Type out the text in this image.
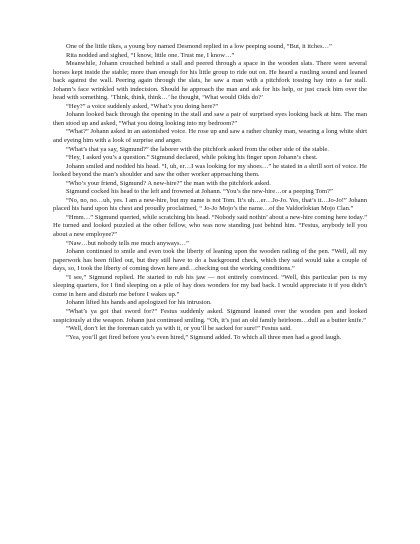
One of the little tikes, a young boy named Desmond replied in a low peeping sound, “But, it itches…”

Rita nodded and sighed, “I know, little one. Trust me, I know…”

Meanwhile, Johann crouched behind a stall and peered through a space in the wooden slats. There were several horses kept inside the stable; more than enough for his little group to ride out on. He heard a rustling sound and leaned back against the wall. Peering again through the slats, he saw a man with a pitchfork tossing hay into a far stall. Johann’s face wrinkled with indecision. Should he approach the man and ask for his help, or just crack him over the head with something. ‘Think, think, think…’ he thought, ‘What would Olds do?’

“Hey?” a voice suddenly asked, “What’s you doing here?”

Johann looked back through the opening in the stall and saw a pair of surprised eyes looking back at him. The man then stood up and asked, “What you doing looking into my bedroom?”

“What?” Johann asked in an astonished voice. He rose up and saw a rather chunky man, wearing a long white shirt and eyeing him with a look of surprise and anger.

“What’s that ya say, Sigmund?” the laborer with the pitchfork asked from the other side of the stable.

“Hey, I asked you’s a question.” Sigmund declared, while poking his finger upon Johann’s chest.

Johann smiled and nodded his head. “I, uh, er…I was looking for my shoes…” he stated in a shrill sort of voice. He looked beyond the man’s shoulder and saw the other worker approaching them.

“Who’s your friend, Sigmund? A new-hire?” the man with the pitchfork asked.

Sigmund cocked his head to the left and frowned at Johann. “You’s the new-hire…or a peeping Tom?”

“No, no, no…uh, yes. I am a new-hire, but my name is not Tom. It’s uh…er…Jo-Jo. Yes, that’s it…Jo-Jo!” Johann placed his hand upon his chest and proudly proclaimed, “ Jo-Jo Mojo’s the name…of the Valdorlokian Mojo Clan.”

“Hmm…” Sigmund queried, while scratching his head. “Nobody said nothin’ about a new-hire coming here today.” He turned and looked puzzled at the other fellow, who was now standing just behind him. “Festus, anybody tell you about a new employee?”

“Naw…but nobody tells me much anyways…”

Johann continued to smile and even took the liberty of leaning upon the wooden railing of the pen. “Well, all my paperwork has been filled out, but they still have to do a background check, which they said would take a couple of days, so, I took the liberty of coming down here and…checking out the working conditions.”

“I see,” Sigmund replied. He started to rub his jaw — not entirely convinced. “Well, this particular pen is my sleeping quarters, for I find sleeping on a pile of hay does wonders for my bad back. I would appreciate it if you didn’t come in here and disturb me before I wakes up.”

Johann lifted his hands and apologized for his intrusion.

“What’s ya got that sword for?” Festus suddenly asked. Sigmund leaned over the wooden pen and looked suspiciously at the weapon. Johann just continued smiling. “Oh, it’s just an old family heirloom…dull as a butter knife.”

“Well, don’t let the foreman catch ya with it, or you’ll be sacked for sure!” Festus said.

“Yea, you’ll get fired before you’s even hired,” Sigmund added. To which all three men had a good laugh.
